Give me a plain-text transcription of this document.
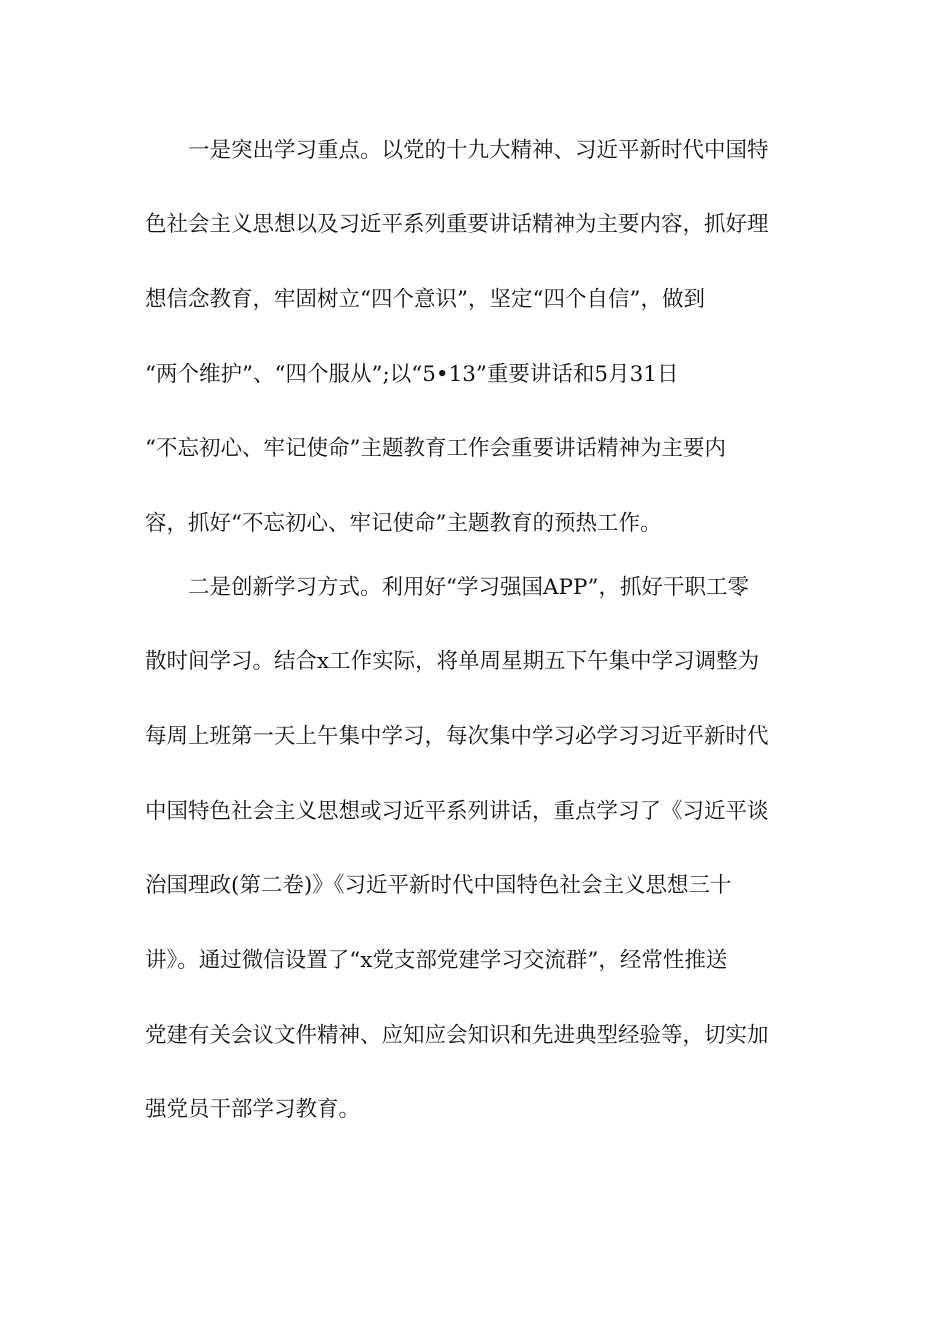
一是突出学习重点。以党的十九大精神、习近平新时代中国特
色社会主义思想以及习近平系列重要讲话精神为主要内容，抓好理
想信念教育，牢固树立“四个意识”，坚定“四个自信”，做到
“两个维护”、“四个服从”;以“5•13”重要讲话和5月31日
“不忘初心、牢记使命”主题教育工作会重要讲话精神为主要内
容，抓好“不忘初心、牢记使命”主题教育的预热工作。
二是创新学习方式。利用好“学习强国APP”，抓好干职工零
散时间学习。结合x工作实际，将单周星期五下午集中学习调整为
每周上班第一天上午集中学习，每次集中学习必学习习近平新时代
中国特色社会主义思想或习近平系列讲话，重点学习了《习近平谈
治国理政(第二卷)》《习近平新时代中国特色社会主义思想三十
讲》。通过微信设置了“x党支部党建学习交流群”，经常性推送
党建有关会议文件精神、应知应会知识和先进典型经验等，切实加
强党员干部学习教育。
